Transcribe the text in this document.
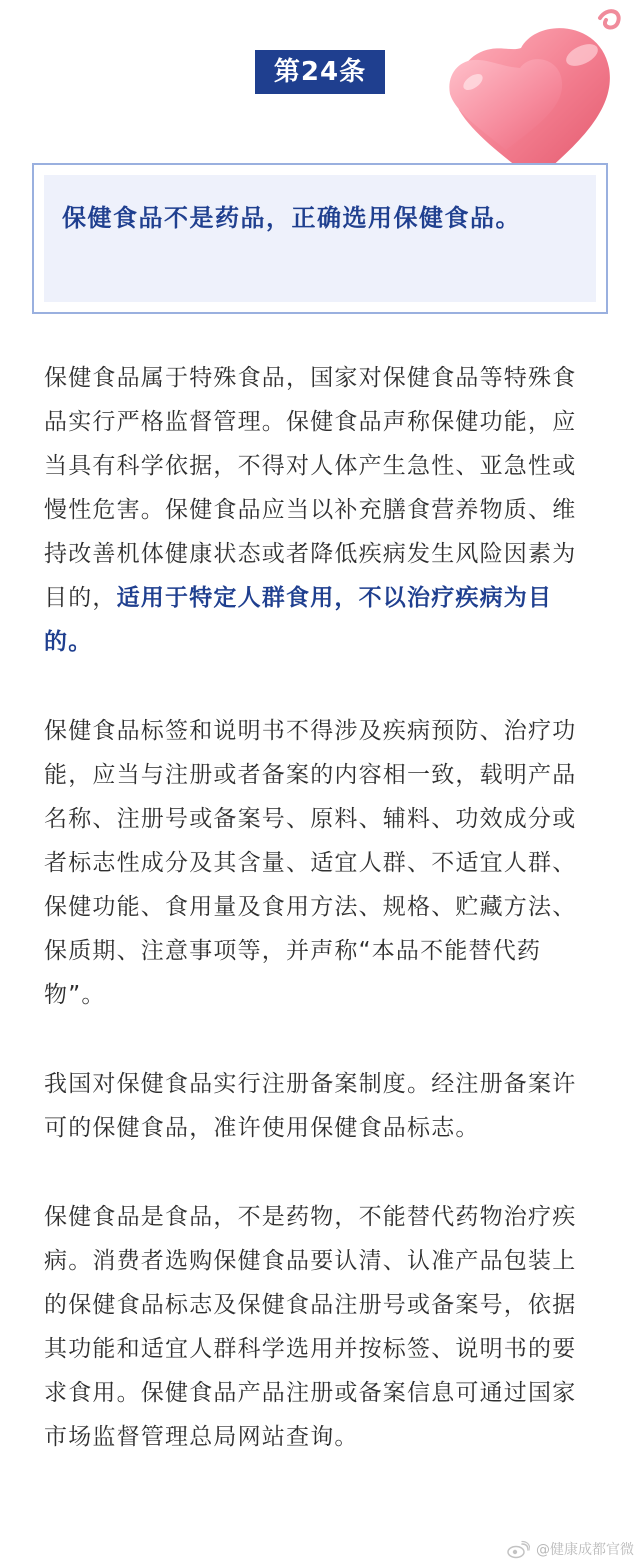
第24条

保健食品不是药品，正确选用保健食品。

保健食品属于特殊食品，国家对保健食品等特殊食品实行严格监督管理。保健食品声称保健功能，应当具有科学依据，不得对人体产生急性、亚急性或慢性危害。保健食品应当以补充膳食营养物质、维持改善机体健康状态或者降低疾病发生风险因素为目的，适用于特定人群食用，不以治疗疾病为目的。

保健食品标签和说明书不得涉及疾病预防、治疗功能，应当与注册或者备案的内容相一致，载明产品名称、注册号或备案号、原料、辅料、功效成分或者标志性成分及其含量、适宜人群、不适宜人群、保健功能、食用量及食用方法、规格、贮藏方法、保质期、注意事项等，并声称“本品不能替代药物”。

我国对保健食品实行注册备案制度。经注册备案许可的保健食品，准许使用保健食品标志。

保健食品是食品，不是药物，不能替代药物治疗疾病。消费者选购保健食品要认清、认准产品包装上的保健食品标志及保健食品注册号或备案号，依据其功能和适宜人群科学选用并按标签、说明书的要求食用。保健食品产品注册或备案信息可通过国家市场监督管理总局网站查询。

@健康成都官微
